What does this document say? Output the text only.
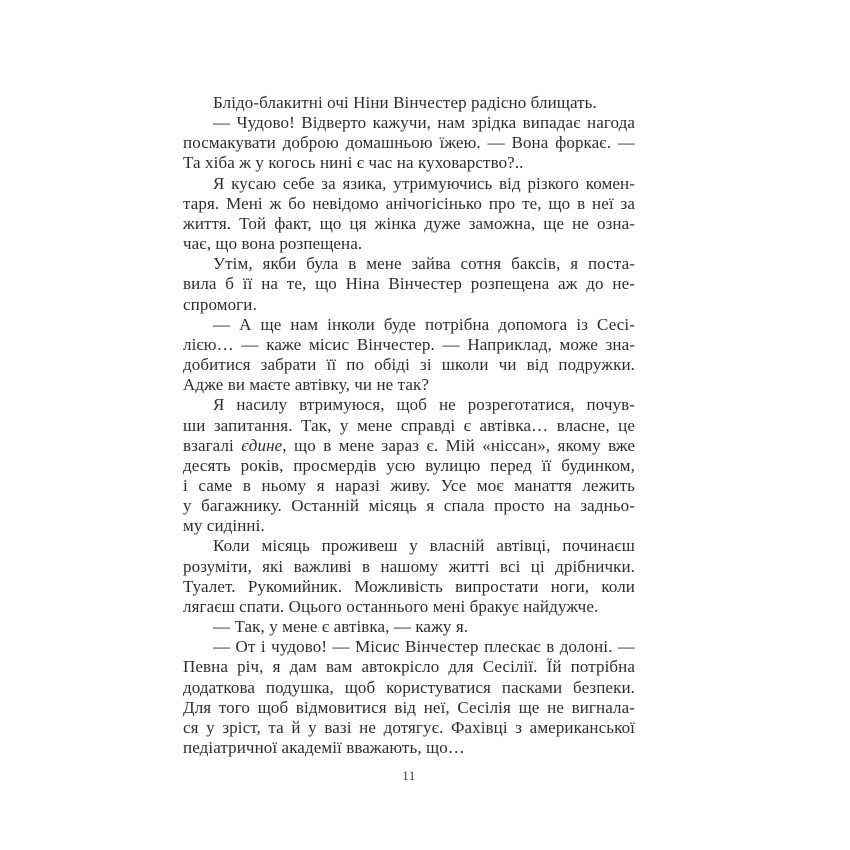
Блідо-блакитні очі Ніни Вінчестер радісно блищать.
— Чудово! Відверто кажучи, нам зрідка випадає нагода
посмакувати доброю домашньою їжею. — Вона форкає. —
Та хіба ж у когось нині є час на куховарство?..
Я кусаю себе за язика, утримуючись від різкого комен-
таря. Мені ж бо невідомо анічогісінько про те, що в неї за
життя. Той факт, що ця жінка дуже заможна, ще не озна-
чає, що вона розпещена.
Утім, якби була в мене зайва сотня баксів, я поста-
вила б її на те, що Ніна Вінчестер розпещена аж до не-
спромоги.
— А ще нам інколи буде потрібна допомога із Сесі-
лією… — каже місис Вінчестер. — Наприклад, може зна-
добитися забрати її по обіді зі школи чи від подружки.
Адже ви маєте автівку, чи не так?
Я насилу втримуюся, щоб не розреготатися, почув-
ши запитання. Так, у мене справді є автівка… власне, це
взагалі єдине, що в мене зараз є. Мій «ніссан», якому вже
десять років, просмердів усю вулицю перед її будинком,
і саме в ньому я наразі живу. Усе моє манаття лежить
у багажнику. Останній місяць я спала просто на задньо-
му сидінні.
Коли місяць проживеш у власній автівці, починаєш
розуміти, які важливі в нашому житті всі ці дрібнички.
Туалет. Рукомийник. Можливість випростати ноги, коли
лягаєш спати. Оцього останнього мені бракує найдужче.
— Так, у мене є автівка, — кажу я.
— От і чудово! — Місис Вінчестер плескає в долоні. —
Певна річ, я дам вам автокрісло для Сесілії. Їй потрібна
додаткова подушка, щоб користуватися пасками безпеки.
Для того щоб відмовитися від неї, Сесілія ще не вигнала-
ся у зріст, та й у вазі не дотягує. Фахівці з американської
педіатричної академії вважають, що…
11
